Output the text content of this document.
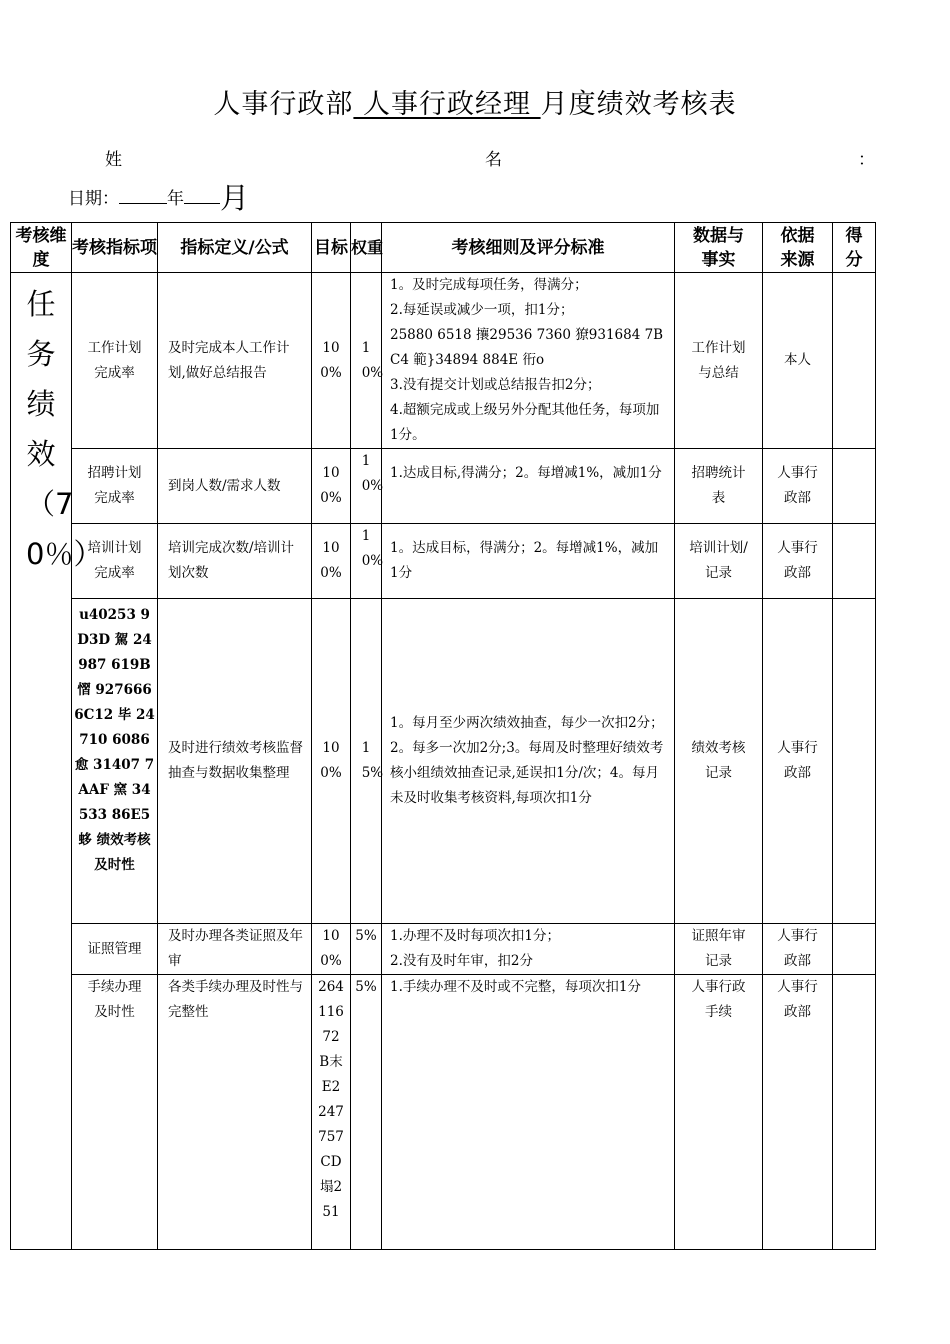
人事行政部 人事行政经理 月度绩效考核表
姓	名	：
日期：	年 月
考核维度	考核指标项	指标定义/公式	目标	权重	考核细则及评分标准	数据与事实	依据来源	得分

任务绩效（70％）	工作计划完成率	及时完成本人工作计划,做好总结报告	100%	10%	1。及时完成每项任务，得满分；
2.每延误或减少一项，扣1分；
25880 6518 攘29536 7360 獠931684 7BC4 範}34894 884E 衎o
3.没有提交计划或总结报告扣2分；
4.超额完成或上级另外分配其他任务，每项加1分。	工作计划与总结	本人	

	招聘计划完成率	到岗人数/需求人数	100%	10%	1.达成目标,得满分；2。每增减1%，减加1分	招聘统计表	人事行政部	

	培训计划完成率	培训完成次数/培训计划次数	100%	10%	1。达成目标，得满分；2。每增减1%，减加1分	培训计划/记录	人事行政部	

	u40253 9D3D 駕 24987 619B 慴 927666 6C12 毕 24710 6086 愈 31407 7AAF 窯 34533 86E5 蛥 绩效考核及时性	及时进行绩效考核监督抽查与数据收集整理	100%	15%	1。每月至少两次绩效抽查，每少一次扣2分；2。每多一次加2分;3。每周及时整理好绩效考核小组绩效抽查记录,延误扣1分/次；4。每月未及时收集考核资料,每项次扣1分	绩效考核记录	人事行政部	

	证照管理	及时办理各类证照及年审	100%	5%	1.办理不及时每项次扣1分；
2.没有及时年审，扣2分	证照年审记录	人事行政部	

	手续办理及时性	各类手续办理及时性与完整性	26411672B末E2247757CD塌251	5%	1.手续办理不及时或不完整，每项次扣1分	人事行政手续	人事行政部	
